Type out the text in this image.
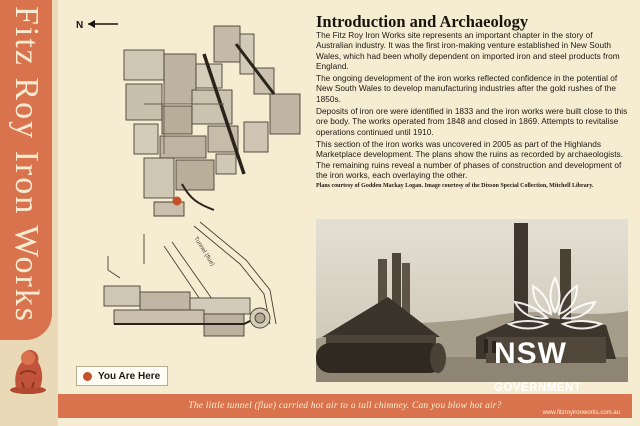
Fitz Roy Iron Works	N
Tunnel (flue)
You Are Here
Introduction and Archaeology

The Fitz Roy Iron Works site represents an important chapter in the story of Australian industry. It was the first iron-making venture established in New South Wales, which had been wholly dependent on imported iron and steel products from England.

The ongoing development of the iron works reflected confidence in the potential of New South Wales to develop manufacturing industries after the gold rushes of the 1850s.

Deposits of iron ore were identified in 1833 and the iron works were built close to this ore body. The works operated from 1848 and closed in 1869. Attempts to revitalise operations continued until 1910.

This section of the iron works was uncovered in 2005 as part of the Highlands Marketplace development. The plans show the ruins as recorded by archaeologists. The remaining ruins reveal a number of phases of construction and development of the iron works, each overlaying the other.

Plans courtesy of Godden Mackay Logan. Image courtesy of the Dixson Special Collection, Mitchell Library.
NSW
GOVERNMENT
The little tunnel (flue) carried hot air to a tall chimney. Can you blow hot air?
www.fitzroyironworks.com.au
